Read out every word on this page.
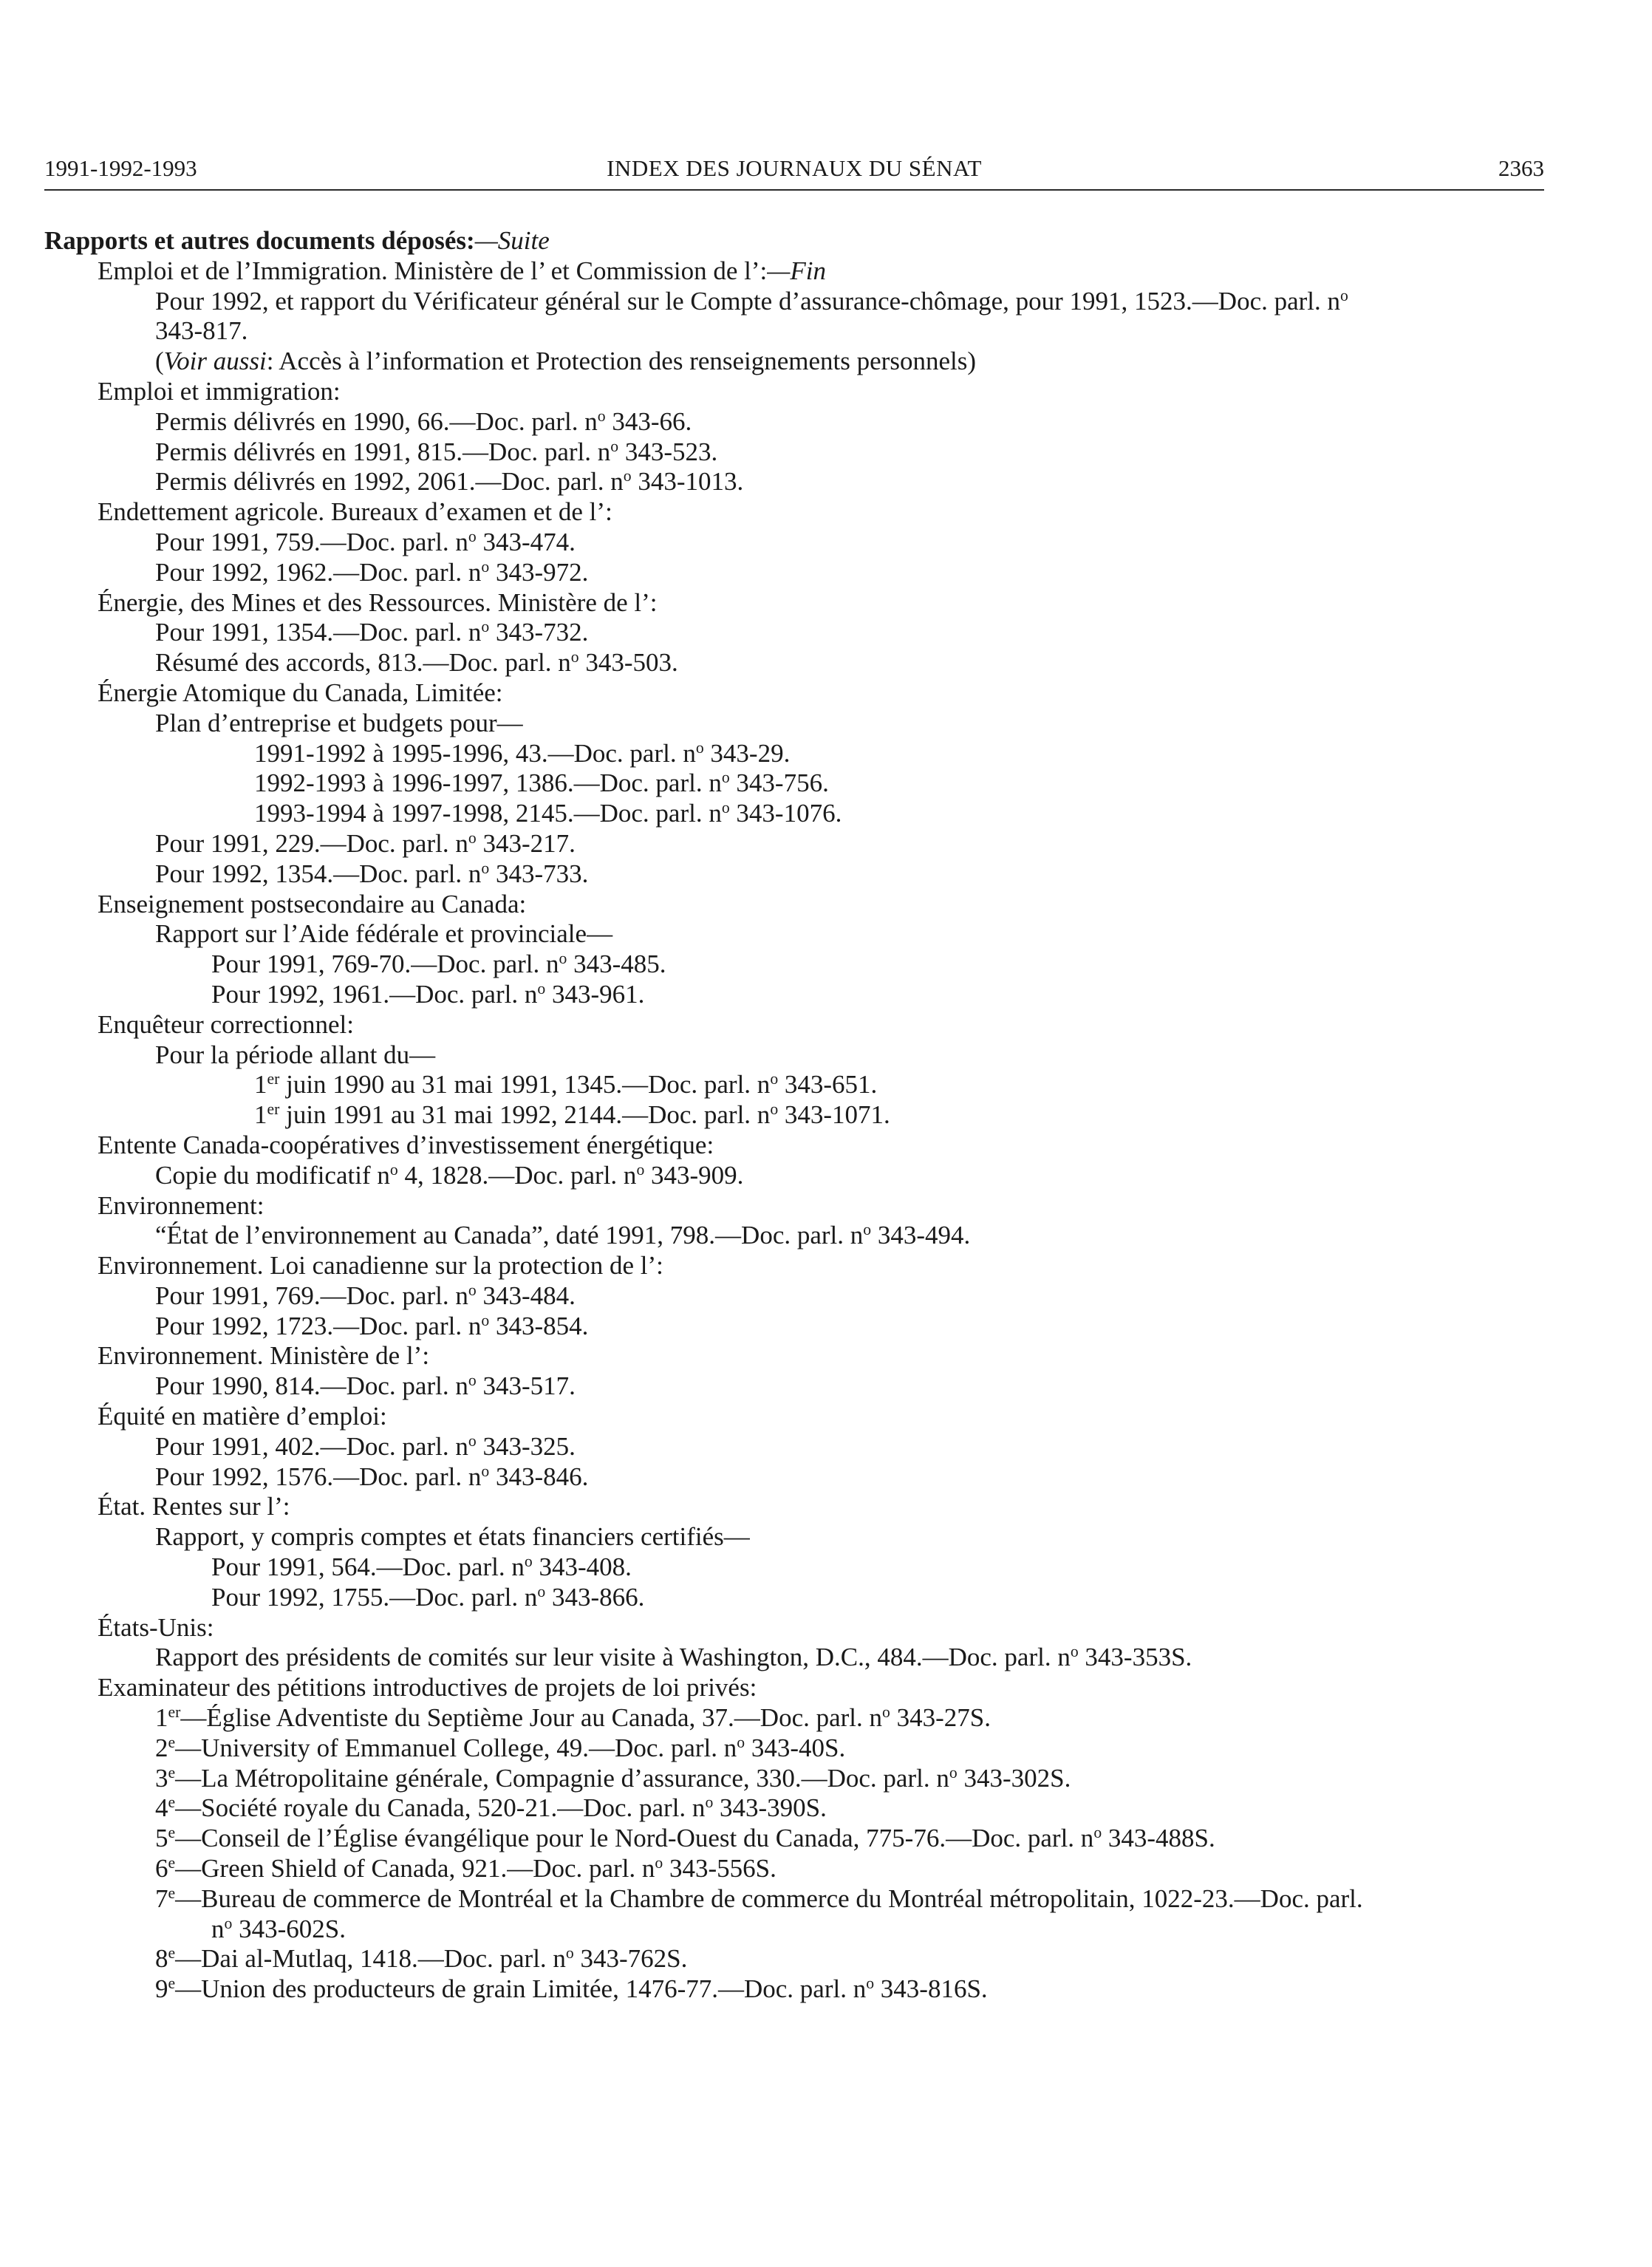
1991-1992-1993	INDEX DES JOURNAUX DU SÉNAT	2363
Rapports et autres documents déposés:—Suite
Emploi et de l’Immigration. Ministère de l’ et Commission de l’:—Fin
Pour 1992, et rapport du Vérificateur général sur le Compte d’assurance-chômage, pour 1991, 1523.—Doc. parl. $n^o$
343-817.
(Voir aussi: Accès à l’information et Protection des renseignements personnels)
Emploi et immigration:
Permis délivrés en 1990, 66.—Doc. parl. $n^o$ 343-66.
Permis délivrés en 1991, 815.—Doc. parl. $n^o$ 343-523.
Permis délivrés en 1992, 2061.—Doc. parl. $n^o$ 343-1013.
Endettement agricole. Bureaux d’examen et de l’:
Pour 1991, 759.—Doc. parl. $n^o$ 343-474.
Pour 1992, 1962.—Doc. parl. $n^o$ 343-972.
Énergie, des Mines et des Ressources. Ministère de l’:
Pour 1991, 1354.—Doc. parl. $n^o$ 343-732.
Résumé des accords, 813.—Doc. parl. $n^o$ 343-503.
Énergie Atomique du Canada, Limitée:
Plan d’entreprise et budgets pour—
1991-1992 à 1995-1996, 43.—Doc. parl. $n^o$ 343-29.
1992-1993 à 1996-1997, 1386.—Doc. parl. $n^o$ 343-756.
1993-1994 à 1997-1998, 2145.—Doc. parl. $n^o$ 343-1076.
Pour 1991, 229.—Doc. parl. $n^o$ 343-217.
Pour 1992, 1354.—Doc. parl. $n^o$ 343-733.
Enseignement postsecondaire au Canada:
Rapport sur l’Aide fédérale et provinciale—
Pour 1991, 769-70.—Doc. parl. $n^o$ 343-485.
Pour 1992, 1961.—Doc. parl. $n^o$ 343-961.
Enquêteur correctionnel:
Pour la période allant du—
1er juin 1990 au 31 mai 1991, 1345.—Doc. parl. $n^o$ 343-651.
1er juin 1991 au 31 mai 1992, 2144.—Doc. parl. $n^o$ 343-1071.
Entente Canada-coopératives d’investissement énergétique:
Copie du modificatif $n^o$ 4, 1828.—Doc. parl. $n^o$ 343-909.
Environnement:
“État de l’environnement au Canada”, daté 1991, 798.—Doc. parl. $n^o$ 343-494.
Environnement. Loi canadienne sur la protection de l’:
Pour 1991, 769.—Doc. parl. $n^o$ 343-484.
Pour 1992, 1723.—Doc. parl. $n^o$ 343-854.
Environnement. Ministère de l’:
Pour 1990, 814.—Doc. parl. $n^o$ 343-517.
Équité en matière d’emploi:
Pour 1991, 402.—Doc. parl. $n^o$ 343-325.
Pour 1992, 1576.—Doc. parl. $n^o$ 343-846.
État. Rentes sur l’:
Rapport, y compris comptes et états financiers certifiés—
Pour 1991, 564.—Doc. parl. $n^o$ 343-408.
Pour 1992, 1755.—Doc. parl. $n^o$ 343-866.
États-Unis:
Rapport des présidents de comités sur leur visite à Washington, D.C., 484.—Doc. parl. $n^o$ 343-353S.
Examinateur des pétitions introductives de projets de loi privés:
1er—Église Adventiste du Septième Jour au Canada, 37.—Doc. parl. $n^o$ 343-27S.
2e—University of Emmanuel College, 49.—Doc. parl. $n^o$ 343-40S.
3e—La Métropolitaine générale, Compagnie d’assurance, 330.—Doc. parl. $n^o$ 343-302S.
4e—Société royale du Canada, 520-21.—Doc. parl. $n^o$ 343-390S.
5e—Conseil de l’Église évangélique pour le Nord-Ouest du Canada, 775-76.—Doc. parl. $n^o$ 343-488S.
6e—Green Shield of Canada, 921.—Doc. parl. $n^o$ 343-556S.
7e—Bureau de commerce de Montréal et la Chambre de commerce du Montréal métropolitain, 1022-23.—Doc. parl.
$n^o$ 343-602S.
8e—Dai al-Mutlaq, 1418.—Doc. parl. $n^o$ 343-762S.
9e—Union des producteurs de grain Limitée, 1476-77.—Doc. parl. $n^o$ 343-816S.
